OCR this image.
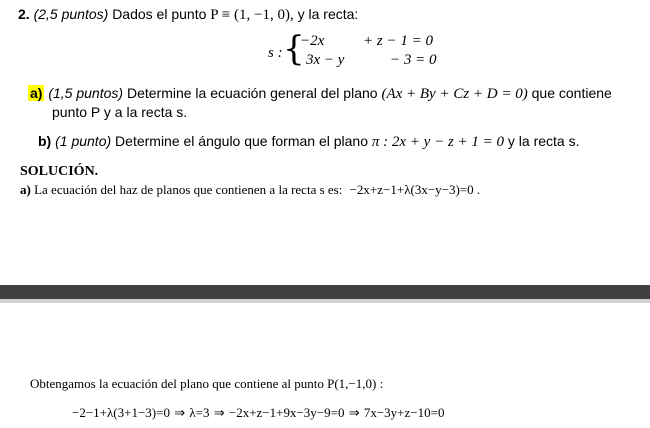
2. (2,5 puntos) Dados el punto P ≡ (1, −1, 0), y la recta:
s : {
−2x	+ z − 1 = 0
3x − y	− 3 = 0
a) (1,5 puntos) Determine la ecuación general del plano (Ax + By + Cz + D = 0) que contiene
punto P y a la recta s.
b) (1 punto) Determine el ángulo que forman el plano π : 2x + y − z + 1 = 0 y la recta s.
SOLUCIÓN.
a) La ecuación del haz de planos que contienen a la recta s es: −2x+z−1+λ(3x−y−3)=0 .
Obtengamos la ecuación del plano que contiene al punto P(1,−1,0) :
−2−1+λ(3+1−3)=0 ⇒ λ=3 ⇒ −2x+z−1+9x−3y−9=0 ⇒ 7x−3y+z−10=0
